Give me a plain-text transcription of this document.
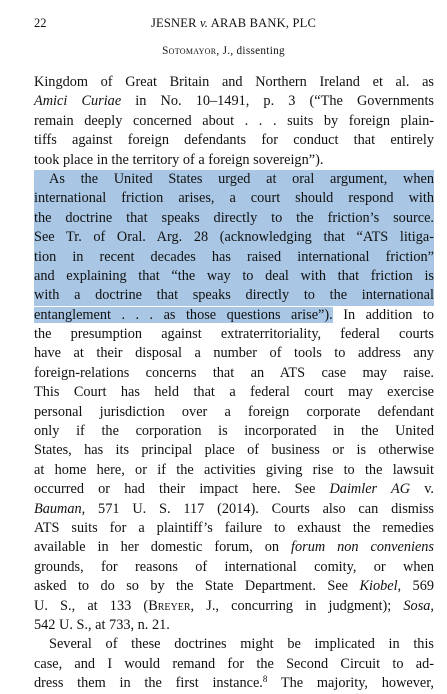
22	JESNER v. ARAB BANK, PLC
Sotomayor, J., dissenting
Kingdom of Great Britain and Northern Ireland et al. as
Amici Curiae in No. 10–1491, p. 3 (“The Governments
remain deeply concerned about . . . suits by foreign plain-
tiffs against foreign defendants for conduct that entirely
took place in the territory of a foreign sovereign”).
As the United States urged at oral argument, when
international friction arises, a court should respond with
the doctrine that speaks directly to the friction’s source.
See Tr. of Oral. Arg. 28 (acknowledging that “ATS litiga-
tion in recent decades has raised international friction”
and explaining that “the way to deal with that friction is
with a doctrine that speaks directly to the international
entanglement . . . as those questions arise”). In addition to
the presumption against extraterritoriality, federal courts
have at their disposal a number of tools to address any
foreign-relations concerns that an ATS case may raise.
This Court has held that a federal court may exercise
personal jurisdiction over a foreign corporate defendant
only if the corporation is incorporated in the United
States, has its principal place of business or is otherwise
at home here, or if the activities giving rise to the lawsuit
occurred or had their impact here. See Daimler AG v.
Bauman, 571 U. S. 117 (2014). Courts also can dismiss
ATS suits for a plaintiff’s failure to exhaust the remedies
available in her domestic forum, on forum non conveniens
grounds, for reasons of international comity, or when
asked to do so by the State Department. See Kiobel, 569
U. S., at 133 (Breyer, J., concurring in judgment); Sosa,
542 U. S., at 733, n. 21.
Several of these doctrines might be implicated in this
case, and I would remand for the Second Circuit to ad-
dress them in the first instance.$^8$ The majority, however,
